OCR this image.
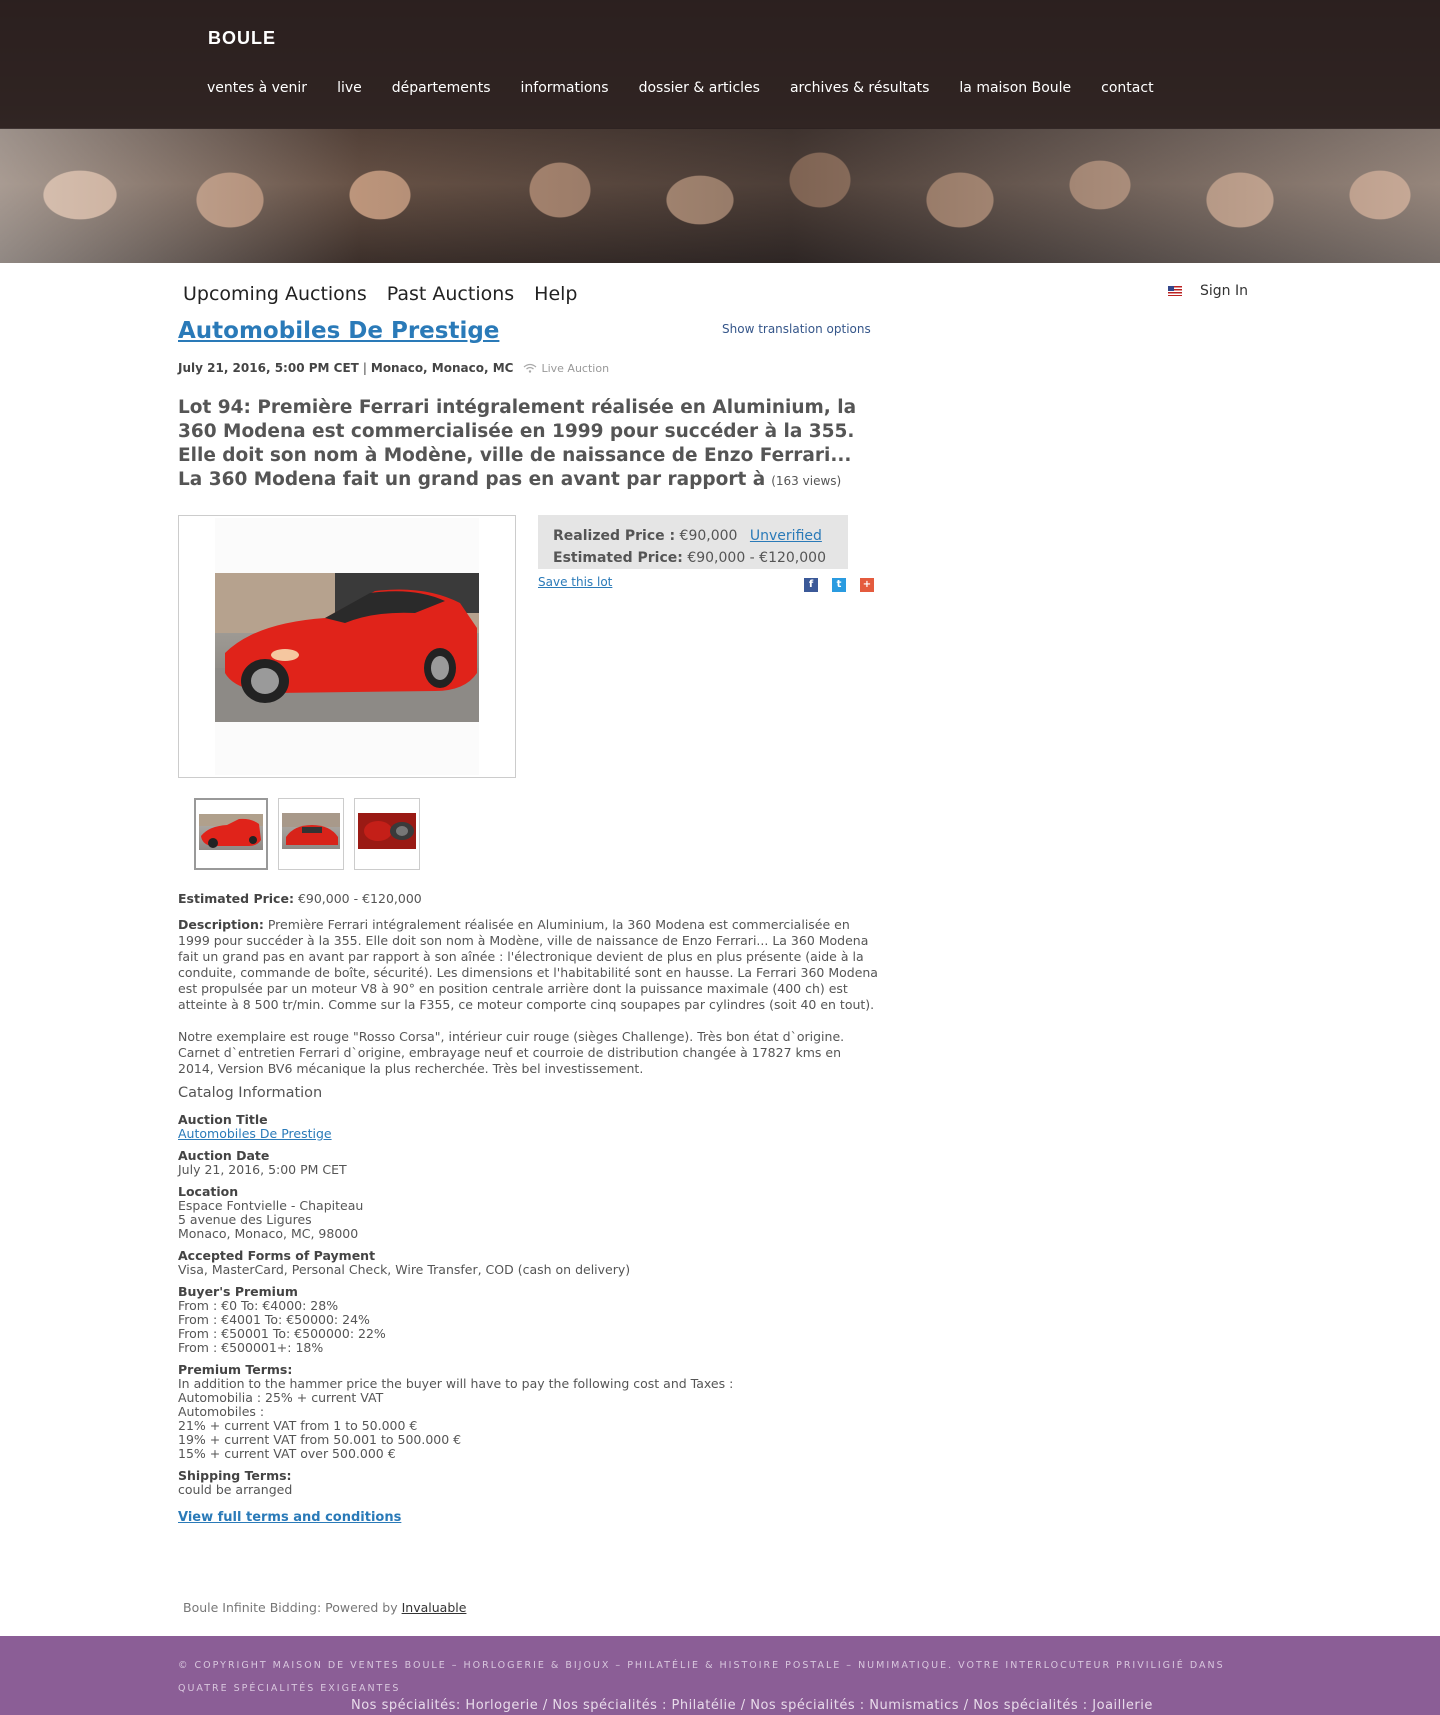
BOULE
ventes à venir live départements informations dossier & articles archives & résultats la maison Boule contact
Upcoming Auctions Past Auctions Help	Sign In
Automobiles De Prestige	Show translation options
July 21, 2016, 5:00 PM CET | Monaco, Monaco, MC	Live Auction
Lot 94: Première Ferrari intégralement réalisée en Aluminium, la 360 Modena est commercialisée en 1999 pour succéder à la 355. Elle doit son nom à Modène, ville de naissance de Enzo Ferrari... La 360 Modena fait un grand pas en avant par rapport à (163 views)
Realized Price : €90,000 Unverified
Estimated Price: €90,000 - €120,000
Save this lot	f	t	+

Estimated Price: €90,000 - €120,000

Description: Première Ferrari intégralement réalisée en Aluminium, la 360 Modena est commercialisée en 1999 pour succéder à la 355. Elle doit son nom à Modène, ville de naissance de Enzo Ferrari... La 360 Modena fait un grand pas en avant par rapport à son aînée : l'électronique devient de plus en plus présente (aide à la conduite, commande de boîte, sécurité). Les dimensions et l'habitabilité sont en hausse. La Ferrari 360 Modena est propulsée par un moteur V8 à 90° en position centrale arrière dont la puissance maximale (400 ch) est atteinte à 8 500 tr/min. Comme sur la F355, ce moteur comporte cinq soupapes par cylindres (soit 40 en tout).

Notre exemplaire est rouge "Rosso Corsa", intérieur cuir rouge (sièges Challenge). Très bon état d`origine. Carnet d`entretien Ferrari d`origine, embrayage neuf et courroie de distribution changée à 17827 kms en 2014, Version BV6 mécanique la plus recherchée. Très bel investissement.

Catalog Information
Auction Title
Automobiles De Prestige
Auction Date
July 21, 2016, 5:00 PM CET
Location
Espace Fontvielle - Chapiteau
5 avenue des Ligures
Monaco, Monaco, MC, 98000
Accepted Forms of Payment
Visa, MasterCard, Personal Check, Wire Transfer, COD (cash on delivery)
Buyer's Premium
From : €0 To: €4000: 28%
From : €4001 To: €50000: 24%
From : €50001 To: €500000: 22%
From : €500001+: 18%
Premium Terms:
In addition to the hammer price the buyer will have to pay the following cost and Taxes :
Automobilia : 25% + current VAT
Automobiles :
21% + current VAT from 1 to 50.000 €
19% + current VAT from 50.001 to 500.000 €
15% + current VAT over 500.000 €
Shipping Terms:
could be arranged
View full terms and conditions
Boule Infinite Bidding: Powered by Invaluable
© COPYRIGHT MAISON DE VENTES BOULE – HORLOGERIE & BIJOUX – PHILATÉLIE & HISTOIRE POSTALE – NUMIMATIQUE. VOTRE INTERLOCUTEUR PRIVILIGIÉ DANS QUATRE SPÉCIALITÉS EXIGEANTES
Nos spécialités: Horlogerie / Nos spécialités : Philatélie / Nos spécialités : Numismatics / Nos spécialités : Joaillerie
